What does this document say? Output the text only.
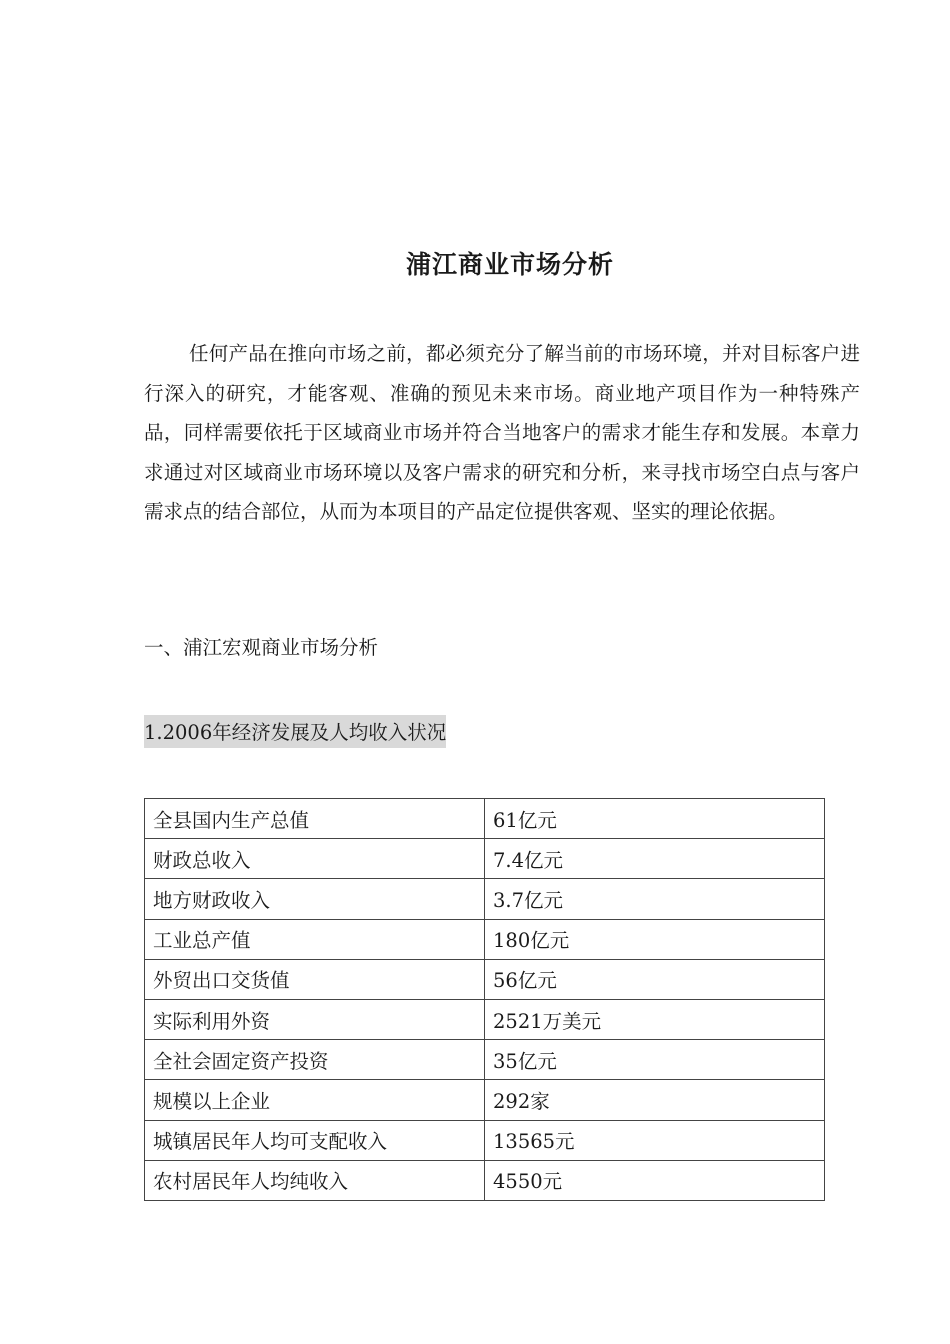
浦江商业市场分析

任何产品在推向市场之前，都必须充分了解当前的市场环境，并对目标客户进行深入的研究，才能客观、准确的预见未来市场。商业地产项目作为一种特殊产品，同样需要依托于区域商业市场并符合当地客户的需求才能生存和发展。本章力求通过对区域商业市场环境以及客户需求的研究和分析，来寻找市场空白点与客户需求点的结合部位，从而为本项目的产品定位提供客观、坚实的理论依据。

一、浦江宏观商业市场分析

1.2006年经济发展及人均收入状况

全县国内生产总值	61亿元
财政总收入	7.4亿元
地方财政收入	3.7亿元
工业总产值	180亿元
外贸出口交货值	56亿元
实际利用外资	2521万美元
全社会固定资产投资	35亿元
规模以上企业	292家
城镇居民年人均可支配收入	13565元
农村居民年人均纯收入	4550元
